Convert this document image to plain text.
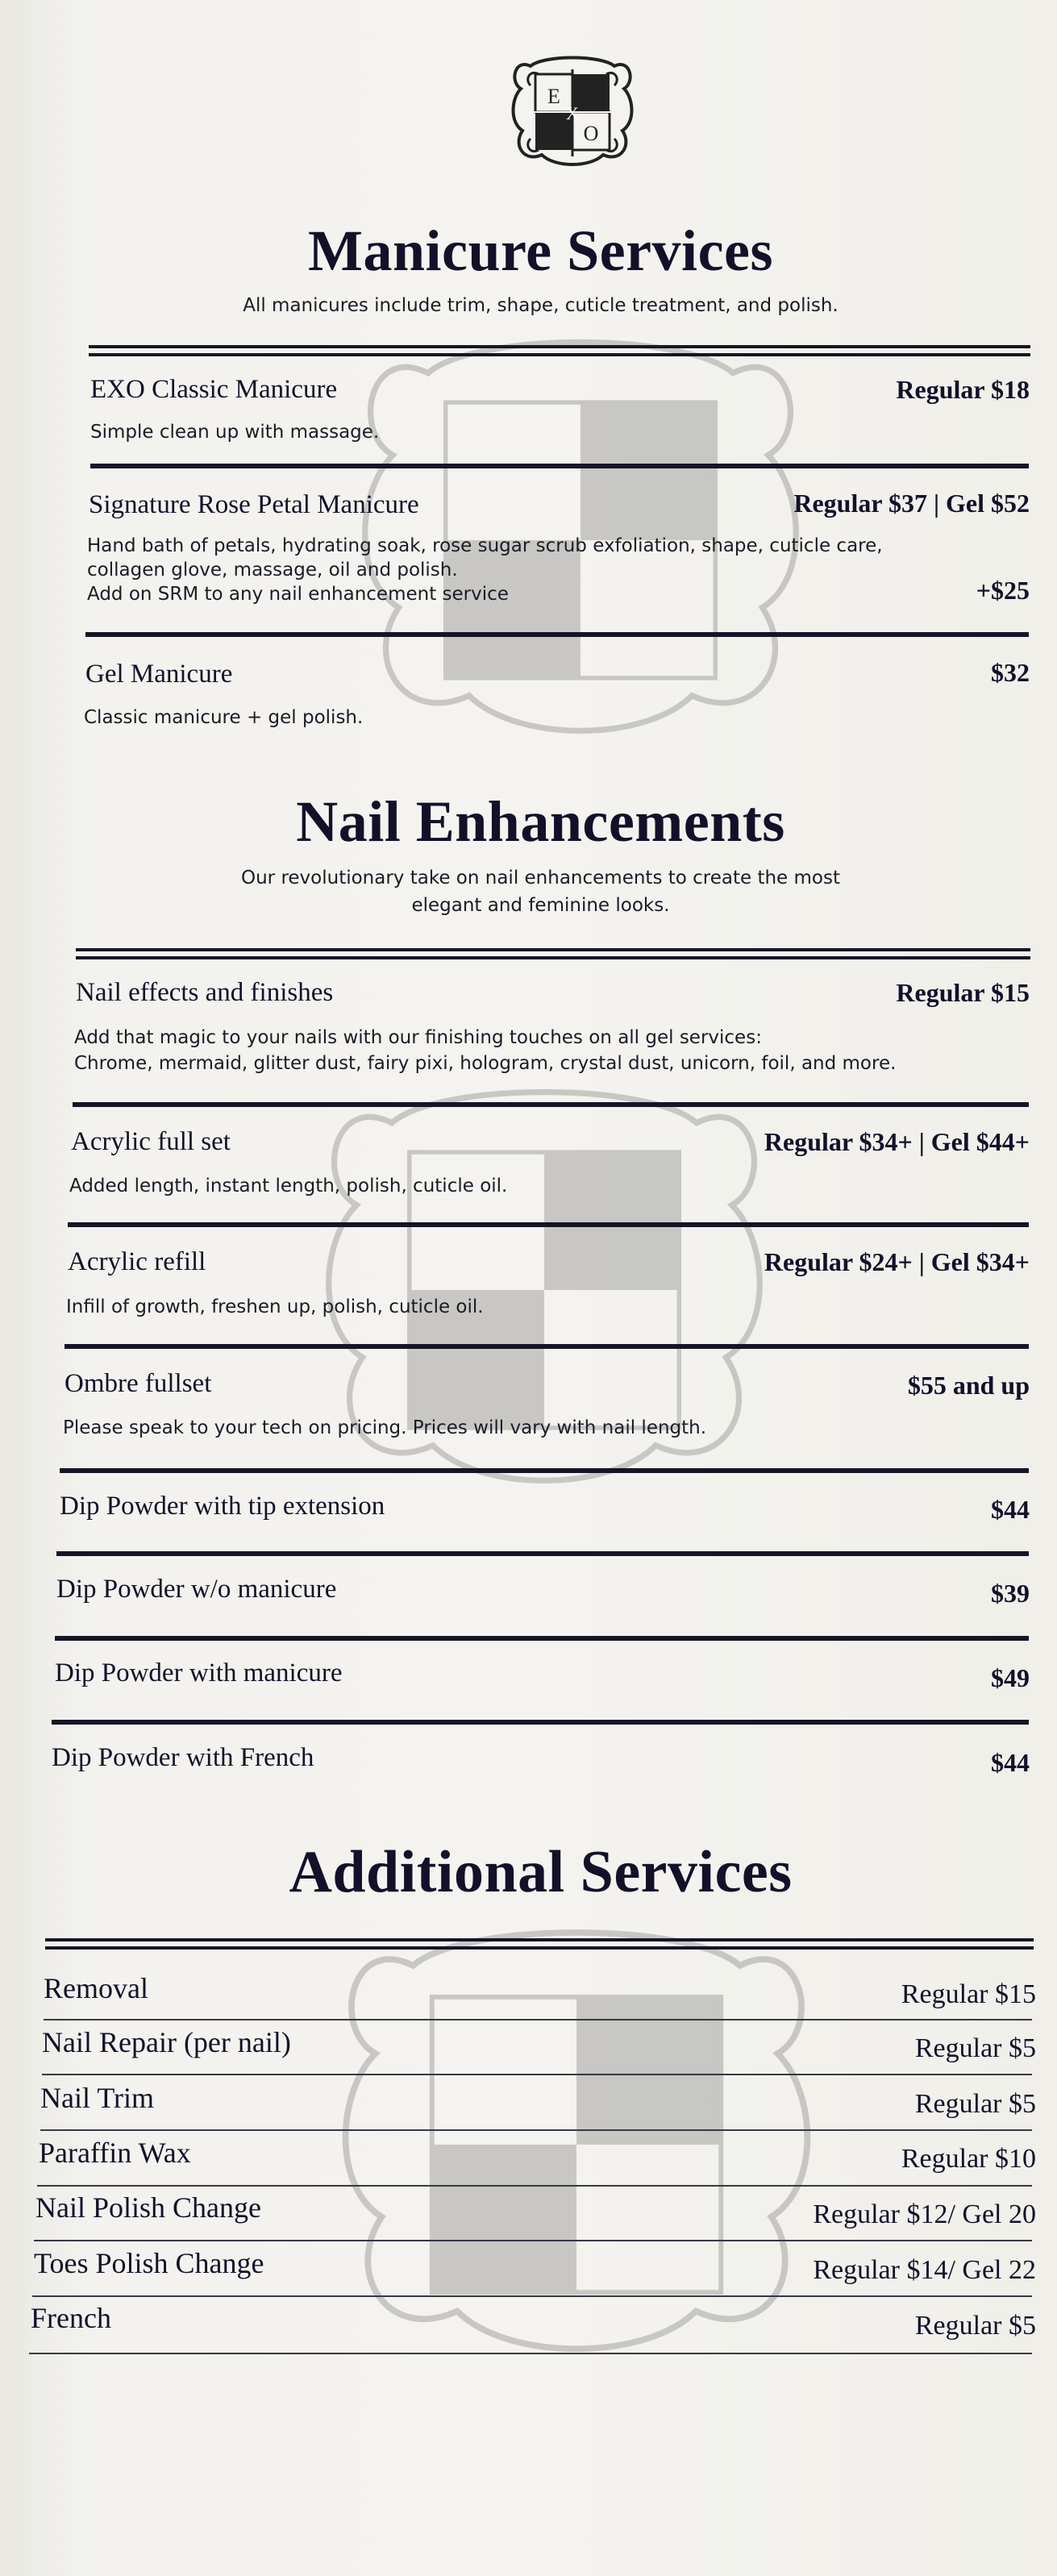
E
X
O
Manicure Services
All manicures include trim, shape, cuticle treatment, and polish.
EXO Classic Manicure	Regular $18
Simple clean up with massage.
Signature Rose Petal Manicure	Regular $37 | Gel $52
Hand bath of petals, hydrating soak, rose sugar scrub exfoliation, shape, cuticle care,
collagen glove, massage, oil and polish.
Add on SRM to any nail enhancement service	+$25
Gel Manicure	$32
Classic manicure + gel polish.
Nail Enhancements
Our revolutionary take on nail enhancements to create the most
elegant and feminine looks.
Nail effects and finishes	Regular $15
Add that magic to your nails with our finishing touches on all gel services:
Chrome, mermaid, glitter dust, fairy pixi, hologram, crystal dust, unicorn, foil, and more.
Acrylic full set	Regular $34+ | Gel $44+
Added length, instant length, polish, cuticle oil.
Acrylic refill	Regular $24+ | Gel $34+
Infill of growth, freshen up, polish, cuticle oil.
Ombre fullset	$55 and up
Please speak to your tech on pricing. Prices will vary with nail length.
Dip Powder with tip extension	$44
Dip Powder w/o manicure	$39
Dip Powder with manicure	$49
Dip Powder with French	$44
Additional Services
Removal	Regular $15
Nail Repair (per nail)	Regular $5
Nail Trim	Regular $5
Paraffin Wax	Regular $10
Nail Polish Change	Regular $12/ Gel 20
Toes Polish Change	Regular $14/ Gel 22
French	Regular $5
